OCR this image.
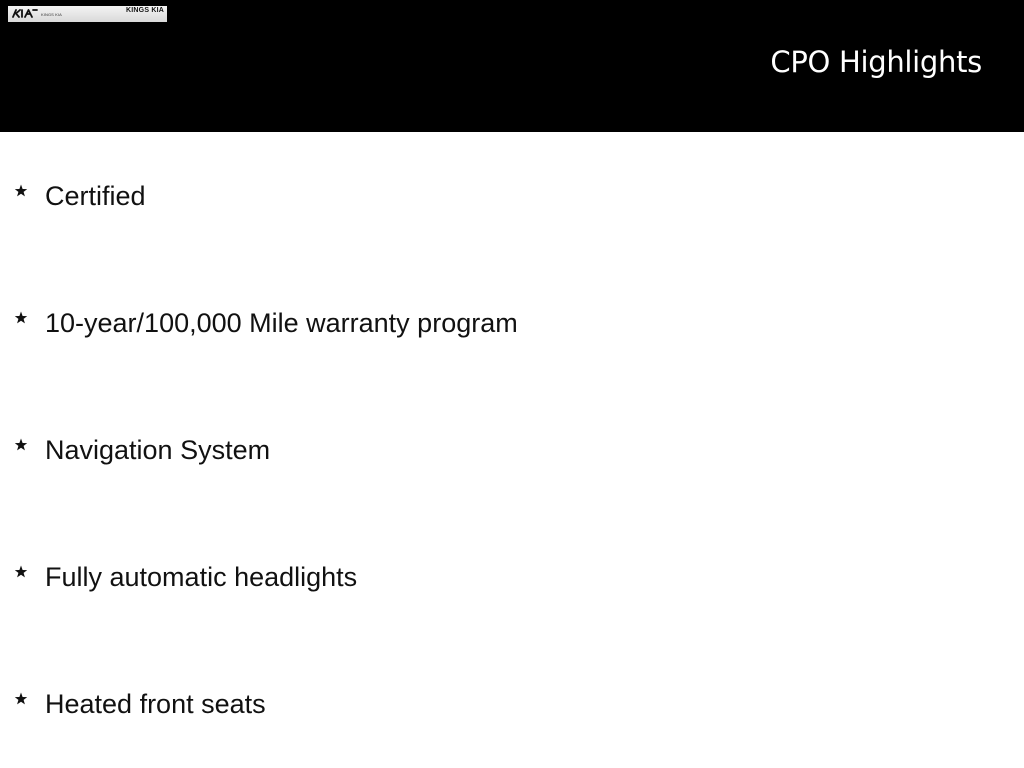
KINGS KIA
KINGS KIA
CPO Highlights
Certified
10-year/100,000 Mile warranty program
Navigation System
Fully automatic headlights
Heated front seats
